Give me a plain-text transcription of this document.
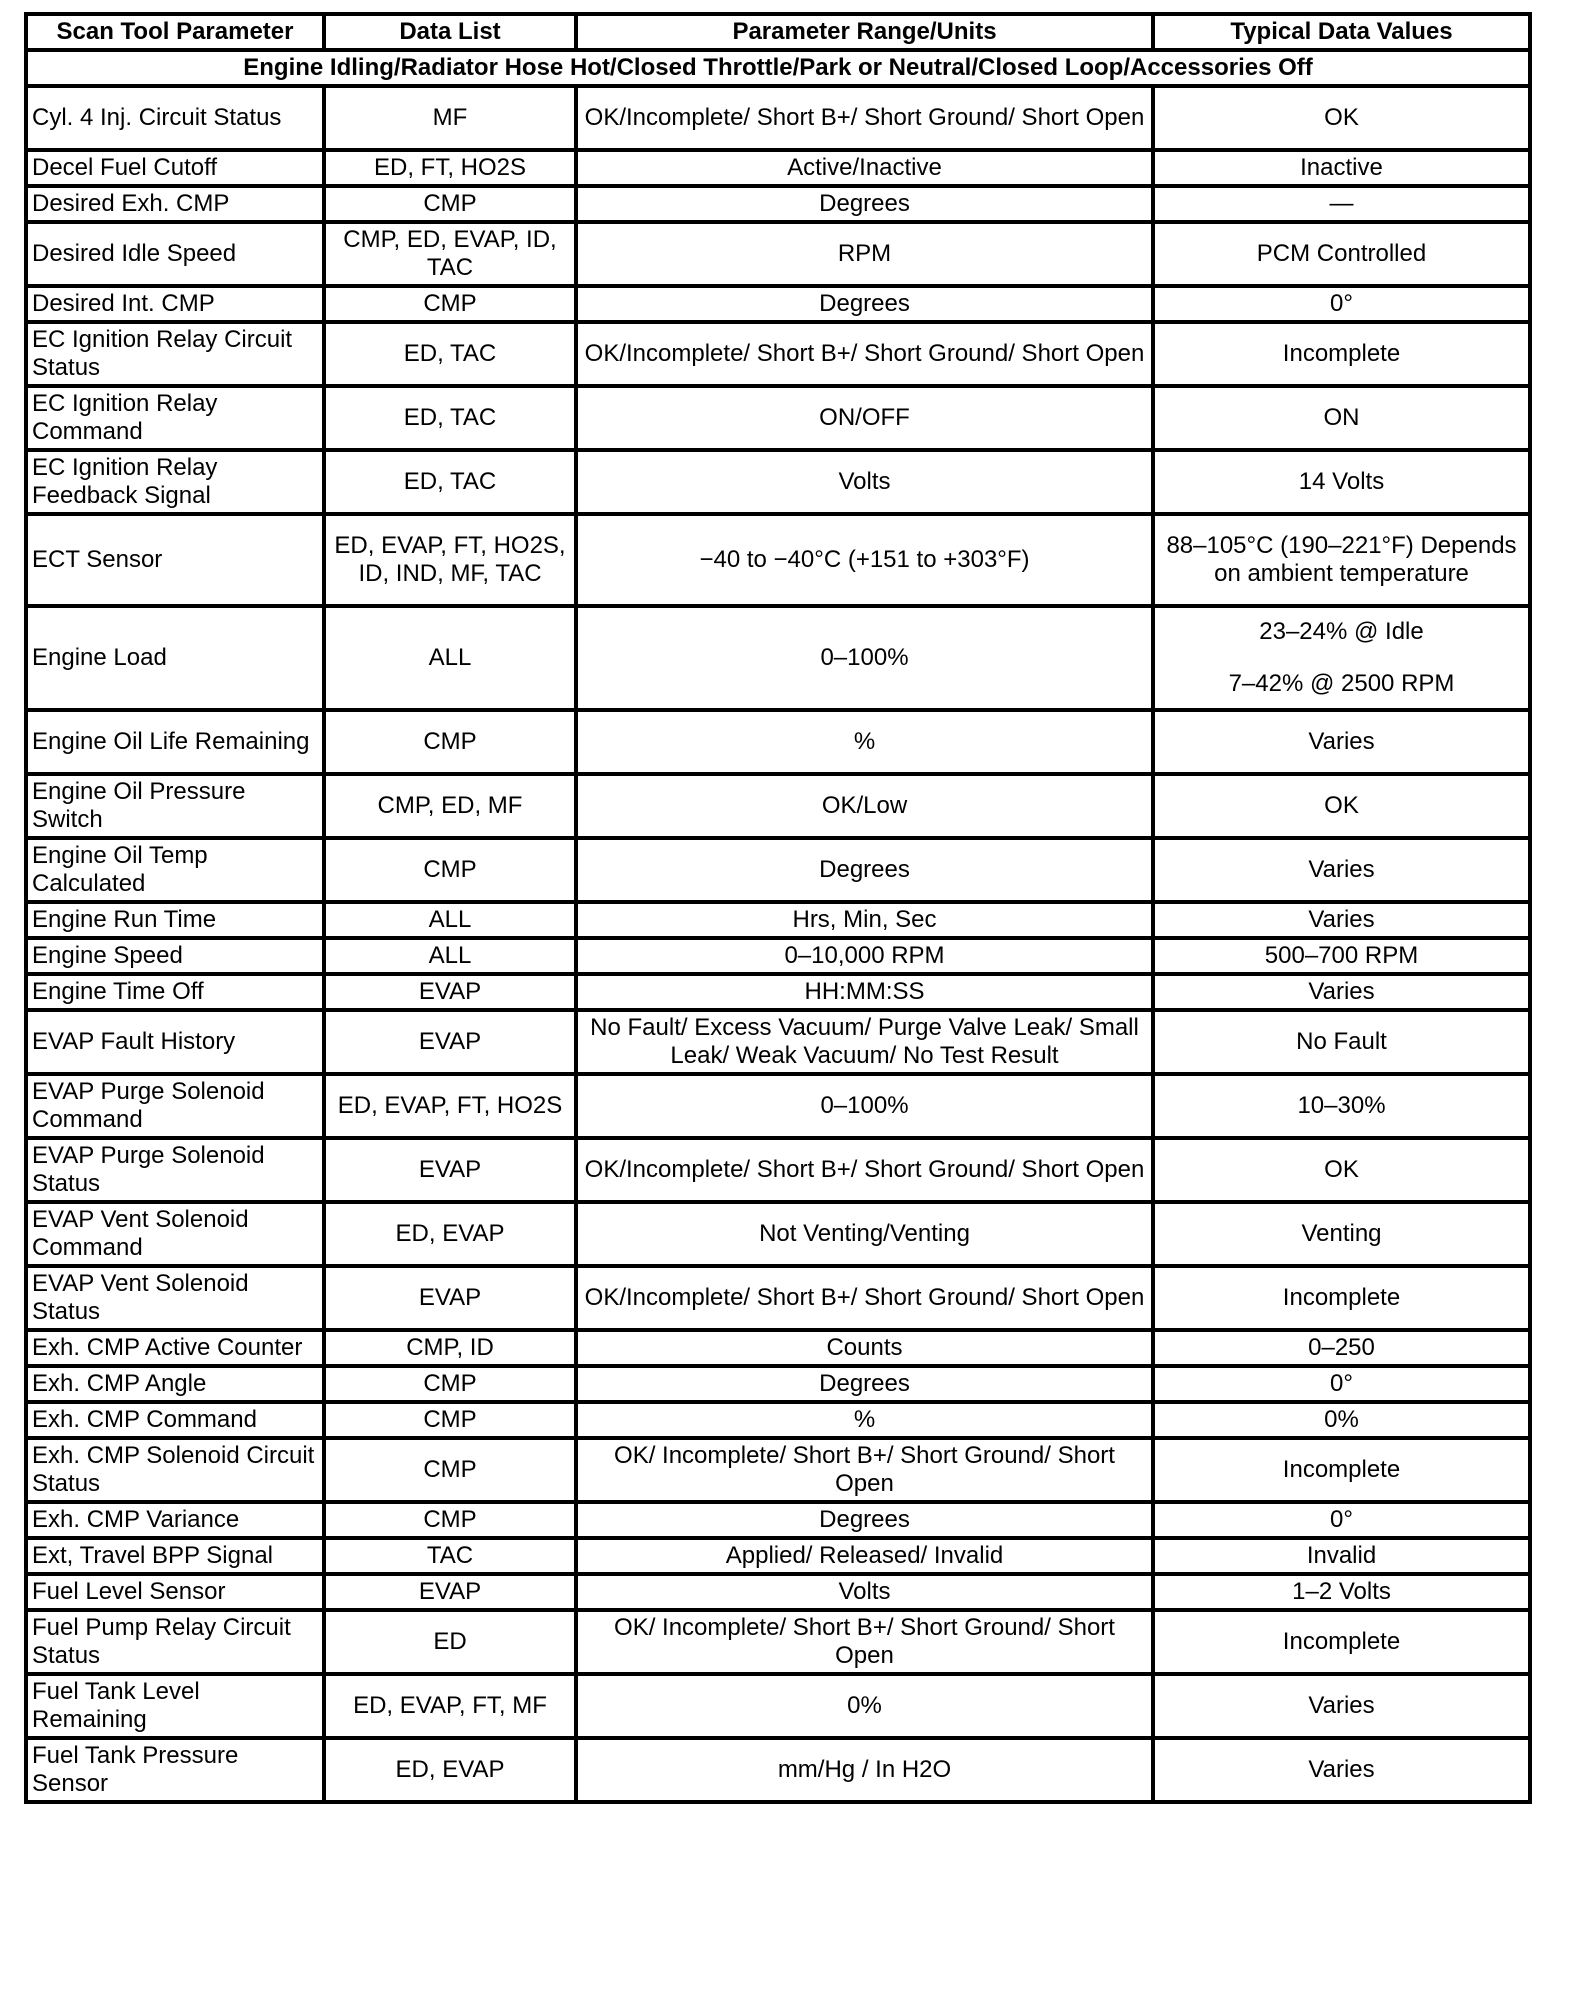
Scan Tool Parameter	Data List	Parameter Range/Units	Typical Data Values
Engine Idling/Radiator Hose Hot/Closed Throttle/Park or Neutral/Closed Loop/Accessories Off			

Cyl. 4 Inj. Circuit Status	MF	OK/Incomplete/ Short B+/ Short Ground/ Short Open	OK

Decel Fuel Cutoff	ED, FT, HO2S	Active/Inactive	Inactive

Desired Exh. CMP	CMP	Degrees	—

Desired Idle Speed	CMP, ED, EVAP, ID, TAC	RPM	PCM Controlled

Desired Int. CMP	CMP	Degrees	0°

EC Ignition Relay Circuit Status	ED, TAC	OK/Incomplete/ Short B+/ Short Ground/ Short Open	Incomplete

EC Ignition Relay Command	ED, TAC	ON/OFF	ON

EC Ignition Relay Feedback Signal	ED, TAC	Volts	14 Volts

ECT Sensor	ED, EVAP, FT, HO2S, ID, IND, MF, TAC	−40 to −40°C (+151 to +303°F)	88–105°C (190–221°F) Depends on ambient temperature

Engine Load	ALL	0–100%	23–24% @ Idle
7–42% @ 2500 RPM

Engine Oil Life Remaining	CMP	%	Varies

Engine Oil Pressure Switch	CMP, ED, MF	OK/Low	OK

Engine Oil Temp Calculated	CMP	Degrees	Varies

Engine Run Time	ALL	Hrs, Min, Sec	Varies

Engine Speed	ALL	0–10,000 RPM	500–700 RPM

Engine Time Off	EVAP	HH:MM:SS	Varies

EVAP Fault History	EVAP	No Fault/ Excess Vacuum/ Purge Valve Leak/ Small Leak/ Weak Vacuum/ No Test Result	No Fault

EVAP Purge Solenoid Command	ED, EVAP, FT, HO2S	0–100%	10–30%

EVAP Purge Solenoid Status	EVAP	OK/Incomplete/ Short B+/ Short Ground/ Short Open	OK

EVAP Vent Solenoid Command	ED, EVAP	Not Venting/Venting	Venting

EVAP Vent Solenoid Status	EVAP	OK/Incomplete/ Short B+/ Short Ground/ Short Open	Incomplete

Exh. CMP Active Counter	CMP, ID	Counts	0–250

Exh. CMP Angle	CMP	Degrees	0°

Exh. CMP Command	CMP	%	0%

Exh. CMP Solenoid Circuit Status	CMP	OK/ Incomplete/ Short B+/ Short Ground/ Short Open	Incomplete

Exh. CMP Variance	CMP	Degrees	0°

Ext, Travel BPP Signal	TAC	Applied/ Released/ Invalid	Invalid

Fuel Level Sensor	EVAP	Volts	1–2 Volts

Fuel Pump Relay Circuit Status	ED	OK/ Incomplete/ Short B+/ Short Ground/ Short Open	Incomplete

Fuel Tank Level Remaining	ED, EVAP, FT, MF	0%	Varies

Fuel Tank Pressure Sensor	ED, EVAP	mm/Hg / In H2O	Varies
